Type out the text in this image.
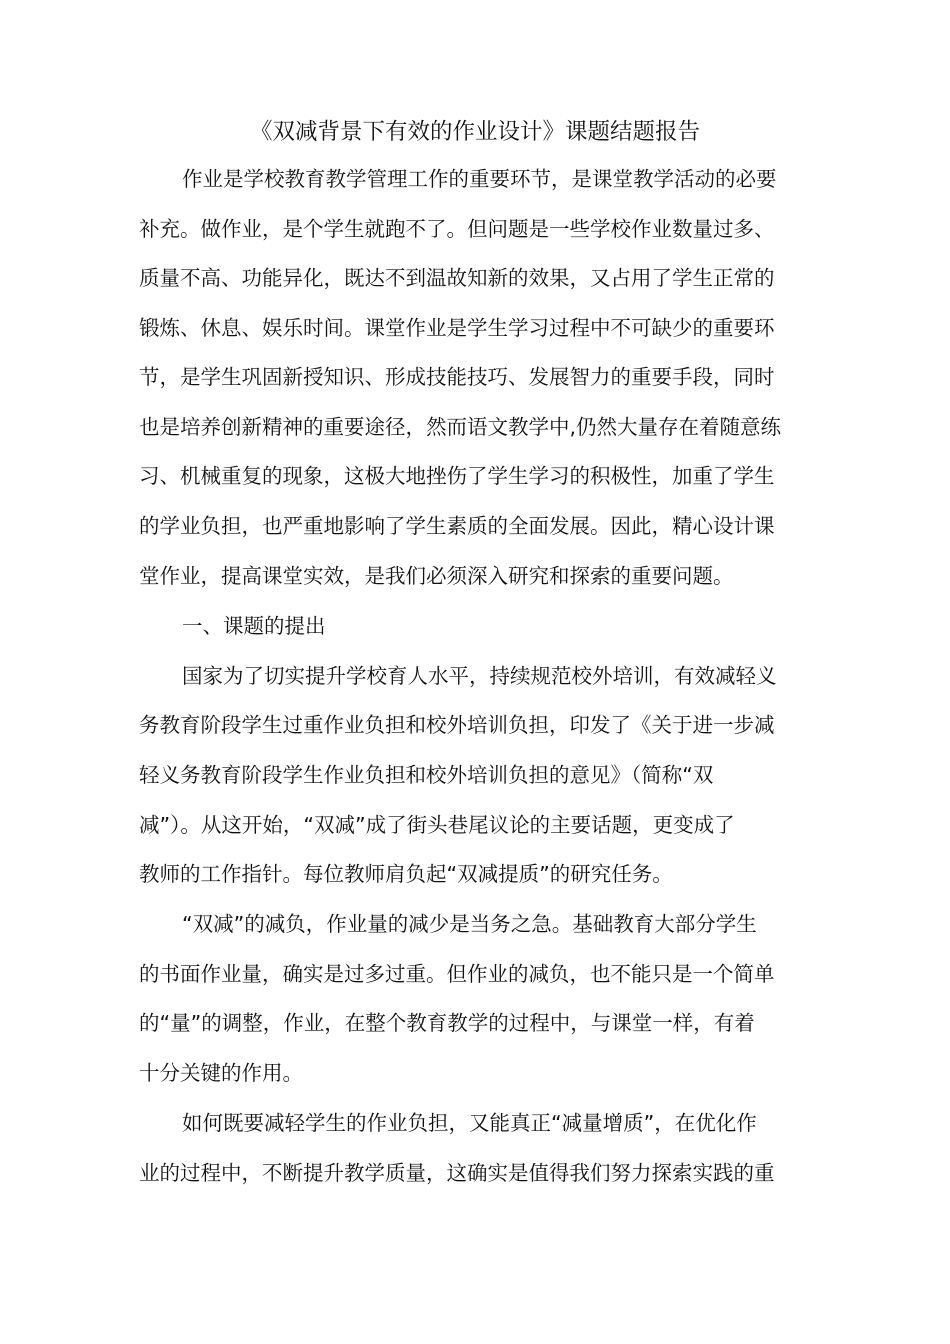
《双减背景下有效的作业设计》课题结题报告

作业是学校教育教学管理工作的重要环节，是课堂教学活动的必要

补充。做作业，是个学生就跑不了。但问题是一些学校作业数量过多、

质量不高、功能异化，既达不到温故知新的效果，又占用了学生正常的

锻炼、休息、娱乐时间。课堂作业是学生学习过程中不可缺少的重要环

节，是学生巩固新授知识、形成技能技巧、发展智力的重要手段，同时

也是培养创新精神的重要途径，然而语文教学中,仍然大量存在着随意练

习、机械重复的现象，这极大地挫伤了学生学习的积极性，加重了学生

的学业负担，也严重地影响了学生素质的全面发展。因此，精心设计课

堂作业，提高课堂实效，是我们必须深入研究和探索的重要问题。

一、课题的提出

国家为了切实提升学校育人水平，持续规范校外培训，有效减轻义

务教育阶段学生过重作业负担和校外培训负担，印发了《关于进一步减

轻义务教育阶段学生作业负担和校外培训负担的意见》（简称“双

减”）。从这开始，“双减”成了街头巷尾议论的主要话题，更变成了

教师的工作指针。每位教师肩负起“双减提质”的研究任务。

“双减”的减负，作业量的减少是当务之急。基础教育大部分学生

的书面作业量，确实是过多过重。但作业的减负，也不能只是一个简单

的“量”的调整，作业，在整个教育教学的过程中，与课堂一样，有着

十分关键的作用。

如何既要减轻学生的作业负担，又能真正“减量增质”，在优化作

业的过程中，不断提升教学质量，这确实是值得我们努力探索实践的重
